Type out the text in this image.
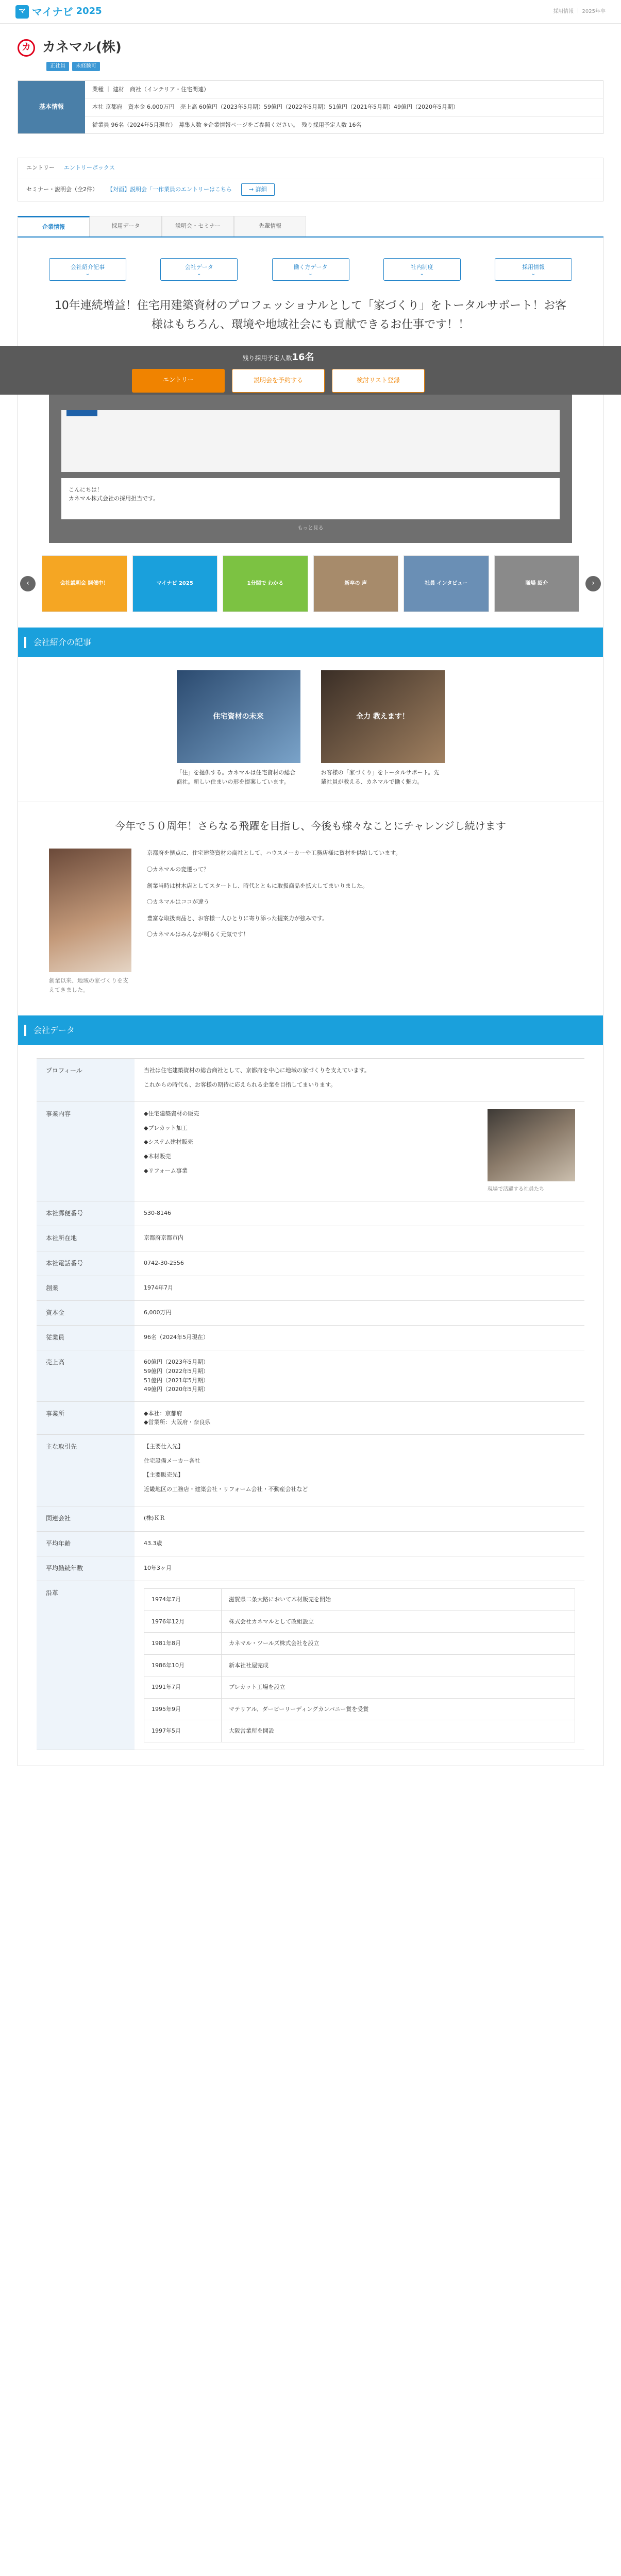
マ マイナビ 2025	採用情報 ｜ 2025年卒
カ カネマル(株)
正社員	未経験可
基本情報
業種 ｜ 建材　商社（インテリア・住宅関連）
本社 京都府　資本金 6,000万円　売上高 60億円（2023年5月期）59億円（2022年5月期）51億円（2021年5月期）49億円（2020年5月期）
従業員 96名（2024年5月現在）　募集人数 ※企業情報ページをご参照ください。　残り採用予定人数 16名
エントリー エントリーボックス
セミナー・説明会（全2件） 【対面】説明会「一作業員のエントリーはこちら	→ 詳細
企業情報	採用データ	説明会・セミナー	先輩情報
会社紹介記事 ⌄	会社データ ⌄	働く方データ ⌄	社内制度 ⌄	採用情報 ⌄
10年連続増益！住宅用建築資材のプロフェッショナルとして「家づくり」をトータルサポート！お客様はもちろん、環境や地域社会にも貢献できるお仕事です！！
残り採用予定人数16名
エントリー	説明会を予約する	検討リスト登録
こんにちは！
カネマル株式会社の採用担当です。
もっと見る
‹	会社説明会 開催中！	マイナビ 2025	1分間で わかる	新卒の 声	社員 インタビュー	職場 紹介	›
会社紹介の記事
住宅資材の未来
「住」を提供する。カネマルは住宅資材の総合商社。新しい住まいの形を提案しています。
全力 教えます！
お客様の「家づくり」をトータルサポート。先輩社員が教える、カネマルで働く魅力。
今年で５０周年！さらなる飛躍を目指し、今後も様々なことにチャレンジし続けます
創業以来、地域の家づくりを支えてきました。

京都府を拠点に、住宅建築資材の商社として、ハウスメーカーや工務店様に資材を供給しています。

〇カネマルの変遷って？

創業当時は材木店としてスタートし、時代とともに取扱商品を拡大してまいりました。

〇カネマルはココが違う

豊富な取扱商品と、お客様一人ひとりに寄り添った提案力が強みです。

〇カネマルはみんなが明るく元気です！

会社データ
プロフィール	当社は住宅建築資材の総合商社として、京都府を中心に地域の家づくりを支えています。

これからの時代も、お客様の期待に応えられる企業を目指してまいります。

事業内容	◆住宅建築資材の販売

◆プレカット加工

◆システム建材販売

◆木材販売

◆リフォーム事業

現場で活躍する社員たち
本社郵便番号	530-8146
本社所在地	京都府京都市内
本社電話番号	0742-30-2556
創業	1974年7月
資本金	6,000万円
従業員	96名（2024年5月現在）
売上高	60億円（2023年5月期）
59億円（2022年5月期）
51億円（2021年5月期）
49億円（2020年5月期）
事業所	◆本社：京都府
◆営業所：大阪府・奈良県
主な取引先	【主要仕入先】

住宅設備メーカー各社

【主要販売先】

近畿地区の工務店・建築会社・リフォーム会社・不動産会社など

関連会社	(株)ＫＲ
平均年齢	43.3歳
平均勤続年数	10年3ヶ月
沿革
1974年7月	滋賀県二条大路において木材販売を開始
1976年12月	株式会社カネマルとして改組設立
1981年8月	カネマル・ツールズ株式会社を設立
1986年10月	新本社社屋完成
1991年7月	プレカット工場を設立
1995年9月	マテリアル、ダービーリーディングカンパニー賞を受賞
1997年5月	大阪営業所を開設
